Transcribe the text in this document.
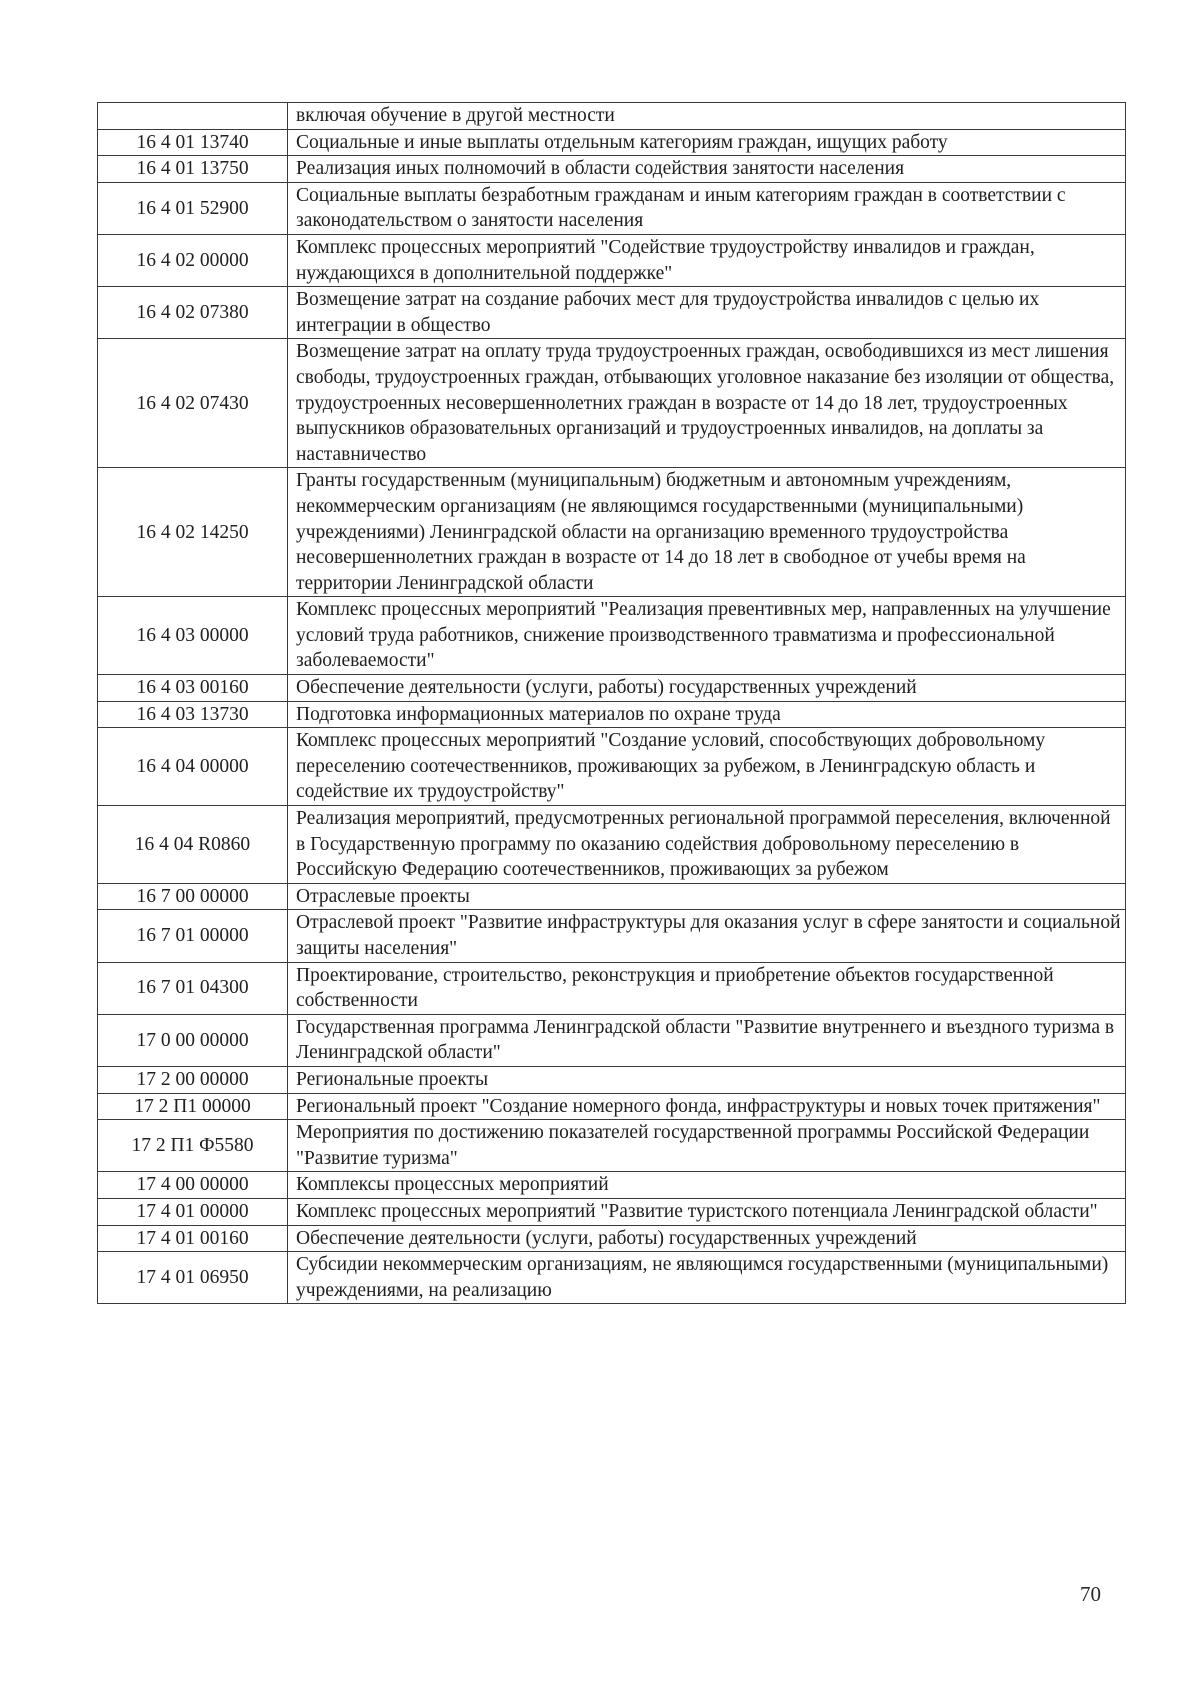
	включая обучение в другой местности
16 4 01 13740	Социальные и иные выплаты отдельным категориям граждан, ищущих работу
16 4 01 13750	Реализация иных полномочий в области содействия занятости населения
16 4 01 52900	Социальные выплаты безработным гражданам и иным категориям граждан в соответствии с законодательством о занятости населения
16 4 02 00000	Комплекс процессных мероприятий "Содействие трудоустройству инвалидов и граждан, нуждающихся в дополнительной поддержке"
16 4 02 07380	Возмещение затрат на создание рабочих мест для трудоустройства инвалидов с целью их интеграции в общество
16 4 02 07430	Возмещение затрат на оплату труда трудоустроенных граждан, освободившихся из мест лишения свободы, трудоустроенных граждан, отбывающих уголовное наказание без изоляции от общества, трудоустроенных несовершеннолетних граждан в возрасте от 14 до 18 лет, трудоустроенных выпускников образовательных организаций и трудоустроенных инвалидов, на доплаты за наставничество
16 4 02 14250	Гранты государственным (муниципальным) бюджетным и автономным учреждениям, некоммерческим организациям (не являющимся государственными (муниципальными) учреждениями) Ленинградской области на организацию временного трудоустройства несовершеннолетних граждан в возрасте от 14 до 18 лет в свободное от учебы время на территории Ленинградской области
16 4 03 00000	Комплекс процессных мероприятий "Реализация превентивных мер, направленных на улучшение условий труда работников, снижение производственного травматизма и профессиональной заболеваемости"
16 4 03 00160	Обеспечение деятельности (услуги, работы) государственных учреждений
16 4 03 13730	Подготовка информационных материалов по охране труда
16 4 04 00000	Комплекс процессных мероприятий "Создание условий, способствующих добровольному переселению соотечественников, проживающих за рубежом, в Ленинградскую область и содействие их трудоустройству"
16 4 04 R0860	Реализация мероприятий, предусмотренных региональной программой переселения, включенной в Государственную программу по оказанию содействия добровольному переселению в Российскую Федерацию соотечественников, проживающих за рубежом
16 7 00 00000	Отраслевые проекты
16 7 01 00000	Отраслевой проект "Развитие инфраструктуры для оказания услуг в сфере занятости и социальной защиты населения"
16 7 01 04300	Проектирование, строительство, реконструкция и приобретение объектов государственной собственности
17 0 00 00000	Государственная программа Ленинградской области "Развитие внутреннего и въездного туризма в Ленинградской области"
17 2 00 00000	Региональные проекты
17 2 П1 00000	Региональный проект "Создание номерного фонда, инфраструктуры и новых точек притяжения"
17 2 П1 Ф5580	Мероприятия по достижению показателей государственной программы Российской Федерации "Развитие туризма"
17 4 00 00000	Комплексы процессных мероприятий
17 4 01 00000	Комплекс процессных мероприятий "Развитие туристского потенциала Ленинградской области"
17 4 01 00160	Обеспечение деятельности (услуги, работы) государственных учреждений
17 4 01 06950	Субсидии некоммерческим организациям, не являющимся государственными (муниципальными) учреждениями, на реализацию
70
